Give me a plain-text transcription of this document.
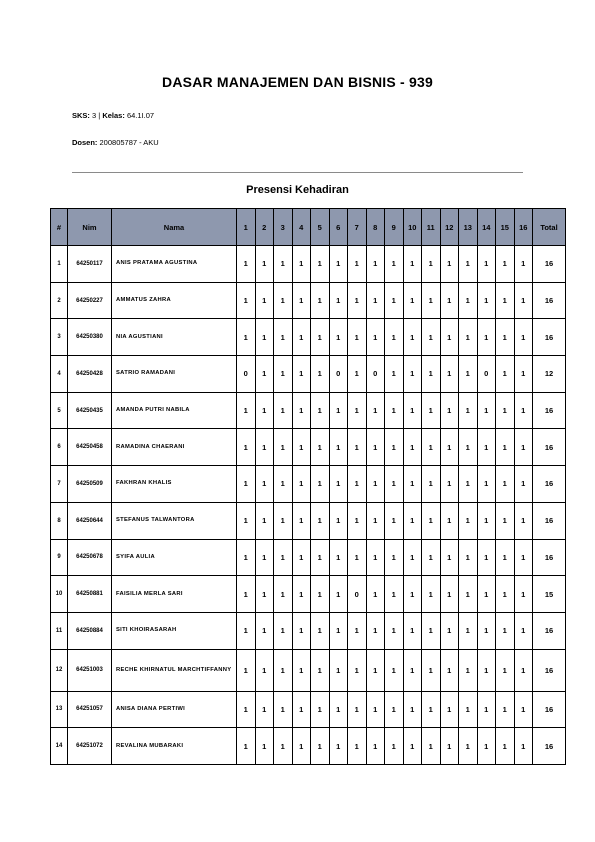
DASAR MANAJEMEN DAN BISNIS - 939
SKS: 3 | Kelas: 64.1I.07
Dosen: 200805787 - AKU
Presensi Kehadiran
#	Nim	Nama	1	2	3	4	5	6	7	8	9	10	11	12	13	14	15	16	Total
1	64250117	ANIS PRATAMA AGUSTINA	1	1	1	1	1	1	1	1	1	1	1	1	1	1	1	1	16
2	64250227	AMMATUS ZAHRA	1	1	1	1	1	1	1	1	1	1	1	1	1	1	1	1	16
3	64250380	NIA AGUSTIANI	1	1	1	1	1	1	1	1	1	1	1	1	1	1	1	1	16
4	64250428	SATRIO RAMADANI	0	1	1	1	1	0	1	0	1	1	1	1	1	0	1	1	12
5	64250435	AMANDA PUTRI NABILA	1	1	1	1	1	1	1	1	1	1	1	1	1	1	1	1	16
6	64250458	RAMADINA CHAERANI	1	1	1	1	1	1	1	1	1	1	1	1	1	1	1	1	16
7	64250509	FAKHRAN KHALIS	1	1	1	1	1	1	1	1	1	1	1	1	1	1	1	1	16
8	64250644	STEFANUS TALWANTORA	1	1	1	1	1	1	1	1	1	1	1	1	1	1	1	1	16
9	64250678	SYIFA AULIA	1	1	1	1	1	1	1	1	1	1	1	1	1	1	1	1	16
10	64250881	FAISILIA MERLA SARI	1	1	1	1	1	1	0	1	1	1	1	1	1	1	1	1	15
11	64250884	SITI KHOIRASARAH	1	1	1	1	1	1	1	1	1	1	1	1	1	1	1	1	16
12	64251003	RECHE KHIRNATUL MARCHTIFFANNY	1	1	1	1	1	1	1	1	1	1	1	1	1	1	1	1	16
13	64251057	ANISA DIANA PERTIWI	1	1	1	1	1	1	1	1	1	1	1	1	1	1	1	1	16
14	64251072	REVALINA MUBARAKI	1	1	1	1	1	1	1	1	1	1	1	1	1	1	1	1	16
